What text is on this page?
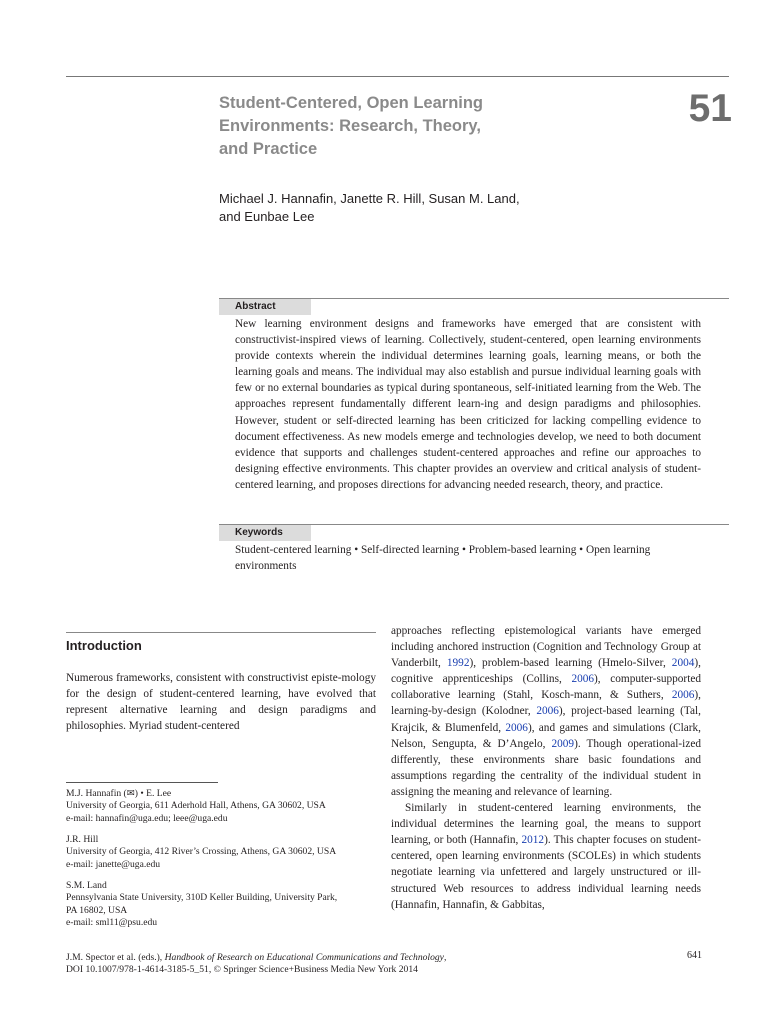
Student-Centered, Open Learning
Environments: Research, Theory,
and Practice
51
Michael J. Hannafin, Janette R. Hill, Susan M. Land,
and Eunbae Lee
Abstract
New learning environment designs and frameworks have emerged that are consistent with constructivist-inspired views of learning. Collectively, student-centered, open learning environments provide contexts wherein the individual determines learning goals, learning means, or both the learning goals and means. The individual may also establish and pursue individual learning goals with few or no external boundaries as typical during spontaneous, self-initiated learning from the Web. The approaches represent fundamentally different learn-ing and design paradigms and philosophies. However, student or self-directed learning has been criticized for lacking compelling evidence to document effectiveness. As new models emerge and technologies develop, we need to both document evidence that supports and challenges student-centered approaches and refine our approaches to designing effective environments. This chapter provides an overview and critical analysis of student-centered learning, and proposes directions for advancing needed research, theory, and practice.
Keywords
Student-centered learning • Self-directed learning • Problem-based learning • Open learning environments
Introduction
Numerous frameworks, consistent with constructivist episte-mology for the design of student-centered learning, have evolved that represent alternative learning and design paradigms and philosophies. Myriad student-centered
M.J. Hannafin (✉) • E. Lee
University of Georgia, 611 Aderhold Hall, Athens, GA 30602, USA
e-mail: hannafin@uga.edu; leee@uga.edu
J.R. Hill
University of Georgia, 412 River’s Crossing, Athens, GA 30602, USA
e-mail: janette@uga.edu
S.M. Land
Pennsylvania State University, 310D Keller Building, University Park,
PA 16802, USA
e-mail: sml11@psu.edu

approaches reflecting epistemological variants have emerged including anchored instruction (Cognition and Technology Group at Vanderbilt, 1992), problem-based learning (Hmelo-Silver, 2004), cognitive apprenticeships (Collins, 2006), computer-supported collaborative learning (Stahl, Kosch-mann, & Suthers, 2006), learning-by-design (Kolodner, 2006), project-based learning (Tal, Krajcik, & Blumenfeld, 2006), and games and simulations (Clark, Nelson, Sengupta, & D’Angelo, 2009). Though operational-ized differently, these environments share basic foundations and assumptions regarding the centrality of the individual student in assigning the meaning and relevance of learning.

Similarly in student-centered learning environments, the individual determines the learning goal, the means to support learning, or both (Hannafin, 2012). This chapter focuses on student-centered, open learning environments (SCOLEs) in which students negotiate learning via unfettered and largely unstructured or ill-structured Web resources to address individual learning needs (Hannafin, Hannafin, & Gabbitas,

J.M. Spector et al. (eds.), Handbook of Research on Educational Communications and Technology,
DOI 10.1007/978-1-4614-3185-5_51, © Springer Science+Business Media New York 2014
641
